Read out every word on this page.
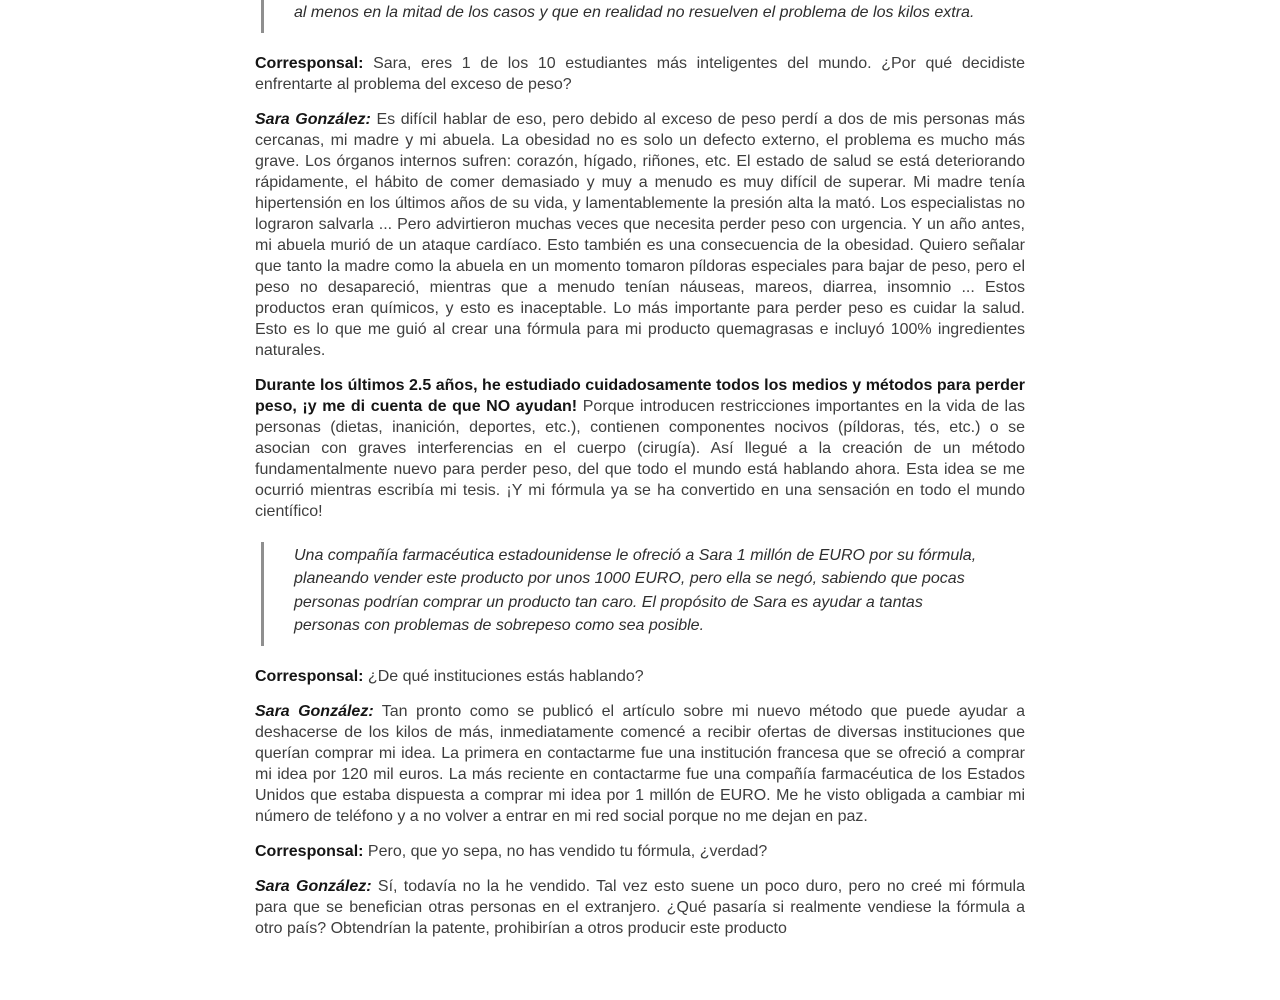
al menos en la mitad de los casos y que en realidad no resuelven el problema de los kilos extra.

Corresponsal: Sara, eres 1 de los 10 estudiantes más inteligentes del mundo. ¿Por qué decidiste enfrentarte al problema del exceso de peso?

Sara González: Es difícil hablar de eso, pero debido al exceso de peso perdí a dos de mis personas más cercanas, mi madre y mi abuela. La obesidad no es solo un defecto externo, el problema es mucho más grave. Los órganos internos sufren: corazón, hígado, riñones, etc. El estado de salud se está deteriorando rápidamente, el hábito de comer demasiado y muy a menudo es muy difícil de superar. Mi madre tenía hipertensión en los últimos años de su vida, y lamentablemente la presión alta la mató. Los especialistas no lograron salvarla ... Pero advirtieron muchas veces que necesita perder peso con urgencia. Y un año antes, mi abuela murió de un ataque cardíaco. Esto también es una consecuencia de la obesidad. Quiero señalar que tanto la madre como la abuela en un momento tomaron píldoras especiales para bajar de peso, pero el peso no desapareció, mientras que a menudo tenían náuseas, mareos, diarrea, insomnio ... Estos productos eran químicos, y esto es inaceptable. Lo más importante para perder peso es cuidar la salud. Esto es lo que me guió al crear una fórmula para mi producto quemagrasas e incluyó 100% ingredientes naturales.

Durante los últimos 2.5 años, he estudiado cuidadosamente todos los medios y métodos para perder peso, ¡y me di cuenta de que NO ayudan! Porque introducen restricciones importantes en la vida de las personas (dietas, inanición, deportes, etc.), contienen componentes nocivos (píldoras, tés, etc.) o se asocian con graves interferencias en el cuerpo (cirugía). Así llegué a la creación de un método fundamentalmente nuevo para perder peso, del que todo el mundo está hablando ahora. Esta idea se me ocurrió mientras escribía mi tesis. ¡Y mi fórmula ya se ha convertido en una sensación en todo el mundo científico!

Una compañía farmacéutica estadounidense le ofreció a Sara 1 millón de EURO por su fórmula, planeando vender este producto por unos 1000 EURO, pero ella se negó, sabiendo que pocas personas podrían comprar un producto tan caro. El propósito de Sara es ayudar a tantas personas con problemas de sobrepeso como sea posible.

Corresponsal: ¿De qué instituciones estás hablando?

Sara González: Tan pronto como se publicó el artículo sobre mi nuevo método que puede ayudar a deshacerse de los kilos de más, inmediatamente comencé a recibir ofertas de diversas instituciones que querían comprar mi idea. La primera en contactarme fue una institución francesa que se ofreció a comprar mi idea por 120 mil euros. La más reciente en contactarme fue una compañía farmacéutica de los Estados Unidos que estaba dispuesta a comprar mi idea por 1 millón de EURO. Me he visto obligada a cambiar mi número de teléfono y a no volver a entrar en mi red social porque no me dejan en paz.

Corresponsal: Pero, que yo sepa, no has vendido tu fórmula, ¿verdad?

Sara González: Sí, todavía no la he vendido. Tal vez esto suene un poco duro, pero no creé mi fórmula para que se benefician otras personas en el extranjero. ¿Qué pasaría si realmente vendiese la fórmula a otro país? Obtendrían la patente, prohibirían a otros producir este producto
